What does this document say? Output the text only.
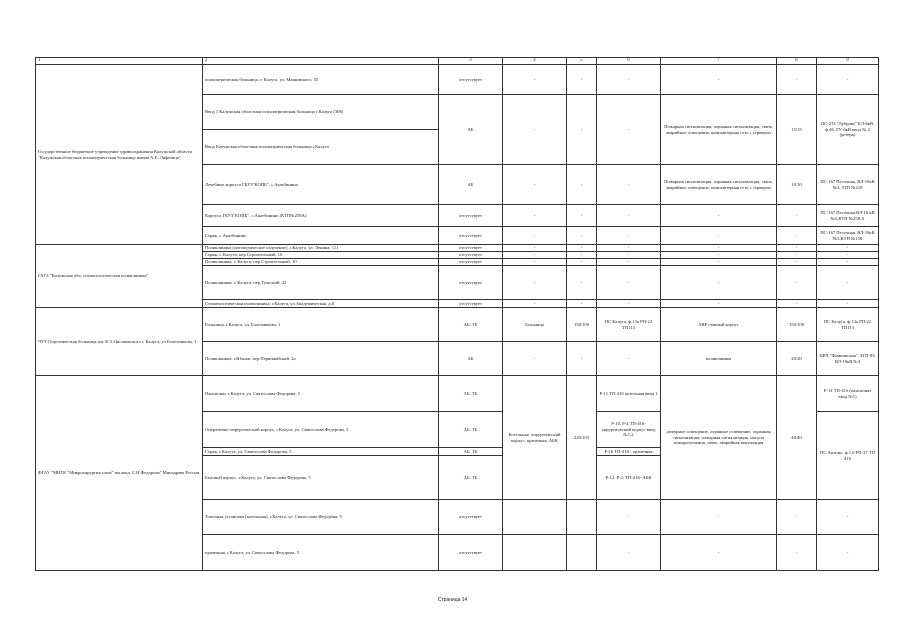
1	2	3	4	5	6	7	8	9
Государственное бюджетное учреждение здравоохранения Калужской области "Калужская областная психиатрическая больница имени А.Е. Лифшица"	психиатрическая больница, г. Калуга, ул. Маяковского, 55	отсутствует	-	-	-	-	-	-
	Ввод 1 Калужская областная психиатрическая больница г.Калуга (306)	АБ	-	-	-	Пожарная сигнализация, охранная сигнализация, связь, аварийное освещение, компьютерная сеть с сервером	15/15	ПС-233 "Дубрава" КЛ-6кВ, ф.46, РУ-6кВ ввод № 2 (резерв)
	Ввод Калужская областная психиатрическая больница г.Калуга							
	Лечебные корпуса ГБУЗ"КОПБ", с.Акатбинино	АБ	-	-	-	Пожарная сигнализация, охранная сигнализация, связь, аварийное освещение, компьютерная сеть с сервером	10/10	ПС-167 Песочная, ВЛ-10кВ №3, ЗТП №218
	Корпуса ГБУЗ"КОПБ", с.Акатбинино (КТП№258А)	отсутствует	-	-	-	-	-	ПС-167 Песочная,ВЛ-10 кВ №5,КТП №258 А
	Гараж, с.Акатбинино	отсутствует	-	-	-	-	-	ПС-167 Песочная, ВЛ-10кВ №3,КТП №158
ГАУЗ "Калужская обл. стоматологическая поликлиника"	Поликлиника (ортопедическое отделение), г.Калуга, ул. Ленина, 111	отсутствует	-	-	-	-	-	-
	Гараж, г. Калуга, пер.Строительный, 10	отсутствует	-	-	-	-	-	-
	Поликлиника, г. Калуга, пер.Строительный, 10	отсутствует	-	-	-	-	-	-
	Поликлиника, г. Калуга, пер.Тульский, 42	отсутствует	-	-	-	-	-	-
	Стоматологическая поликлиника, г.Калуга, ул.Академическая, д.8	отсутствует	-	-	-	-	-	-
ЧУЗ Отделенческая больница им. К.Э.Циолковского г. Калуга, ул.Болотникова, 1	Больница, г.Калуга, ул. Болотникова, 1	АБ, ТБ	Больница	150/100	ПС Калуга, ф.13а РП-22 ТП113	АВР главный корпус	150/100	ПС Калуга, ф.13а РП-22 ТП113
	Поликлиника, г.Юхнов, пер.Первомайский, 2а	АБ	-	-	-	поликлиника	20/20	ЦРП "Фомкинская", ЗТП-83, ВЛ-10кВ №3
ФГАУ "МНТК "Микрохирургия глаза" им.акад. С.Н.Федорова" Минздрава России	Пансионат, г.Калуга, ул. Святослава Федорова, 5	АБ, ТБ	Котельная, хирургический корпус, прачечная, АБК	220/193	Р-11 ТП-416 котельная ввод 1	дежурное освещение, охранное освещение, охранная сигнализация, пожарная сигнализация, насосы пожаротушения, связь, аварийная вентиляция	40/40	Р-14 ТП-416 (пансионат ввод №1)
	Оперативно-хирургический корпус, г.Калуга, ул. Святослава Федорова, 5	АБ, ТБ			Р-10, Р-4 ТП-416-хирургический корпус ввод №1,2			ПС Анзино, ф.1,6 РП-27 ТП 416
	Гараж, г.Калуга, ул. Святослава Федорова, 5	АБ, ТБ			Р-16 ТП-416 - прачечная			
	Бытовой корпус, г.Калуга, ул. Святослава Федорова, 5	АБ, ТБ			Р-12, Р-2, ТП-416- АБК			
	Топочная установка (котельная), г.Калуга, ул. Святослава Федорова, 5	отсутствует			-	-	-	-
	прачечная, г.Калуга, ул. Святослава Федорова, 5	отсутствует			-	-	-	-
Страница 14
